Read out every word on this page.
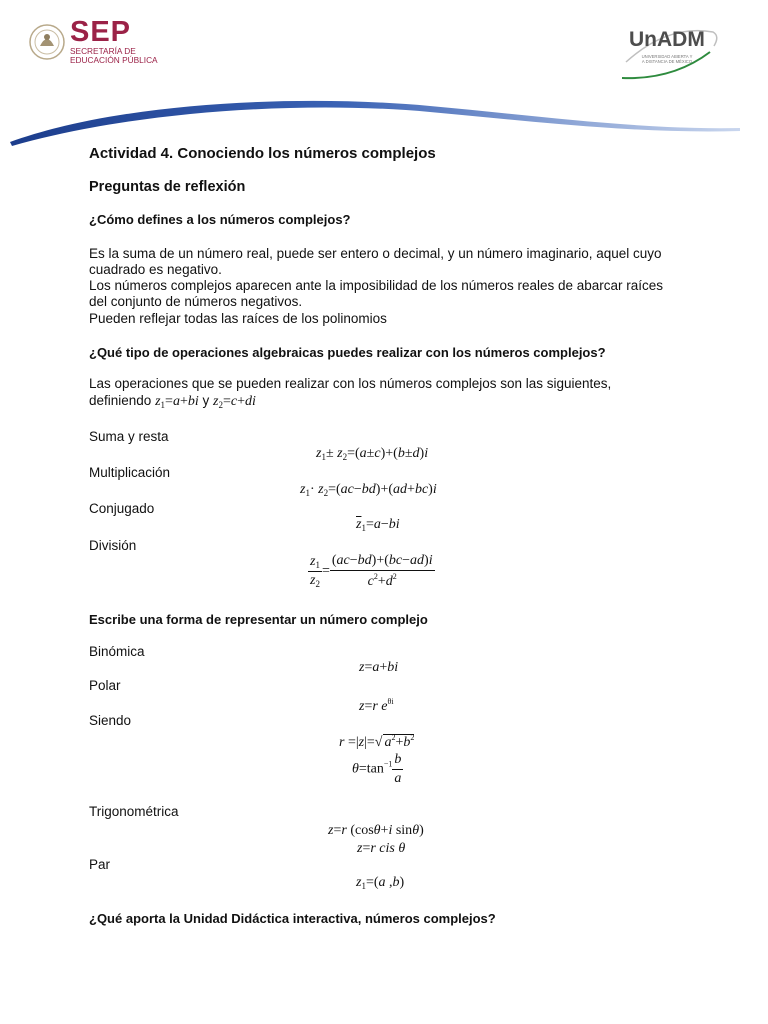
SEP
SECRETARÍA DE
EDUCACIÓN PÚBLICA
UnADM
UNIVERSIDAD ABIERTA Y
A DISTANCIA DE MÉXICO
Actividad 4. Conociendo los números complejos
Preguntas de reflexión
¿Cómo defines a los números complejos?
Es la suma de un número real, puede ser entero o decimal, y un número imaginario, aquel cuyo
cuadrado es negativo.
Los números complejos aparecen ante la imposibilidad de los números reales de abarcar raíces
del conjunto de números negativos.
Pueden reflejar todas las raíces de los polinomios
¿Qué tipo de operaciones algebraicas puedes realizar con los números complejos?
Las operaciones que se pueden realizar con los números complejos son las siguientes,
definiendo $z_1=a+bi$ y $z_2=c+di$
Suma y resta
$z_1\pm z_2=(a\pm c)+(b\pm d)i$
Multiplicación
$z_1\cdot z_2=(ac-bd)+(ad+bc)i$
Conjugado
$\overline{z}_1=a-bi$
División
$\frac{z_1}{z_2} = \frac{(ac-bd)+(bc-ad)i}{c^2+d^2}$
Escribe una forma de representar un número complejo
Binómica
z=a+bi
Polar
z=r $e^{\theta i}$
Siendo
r =|z|=√ $a^2+b^2$
$\theta=\tan^{-1} \frac{b}{a}$
Trigonométrica
z=r (cosθ+i sinθ)
z=r cis θ
Par
$z_1=(a$ ,b)
¿Qué aporta la Unidad Didáctica interactiva, números complejos?
